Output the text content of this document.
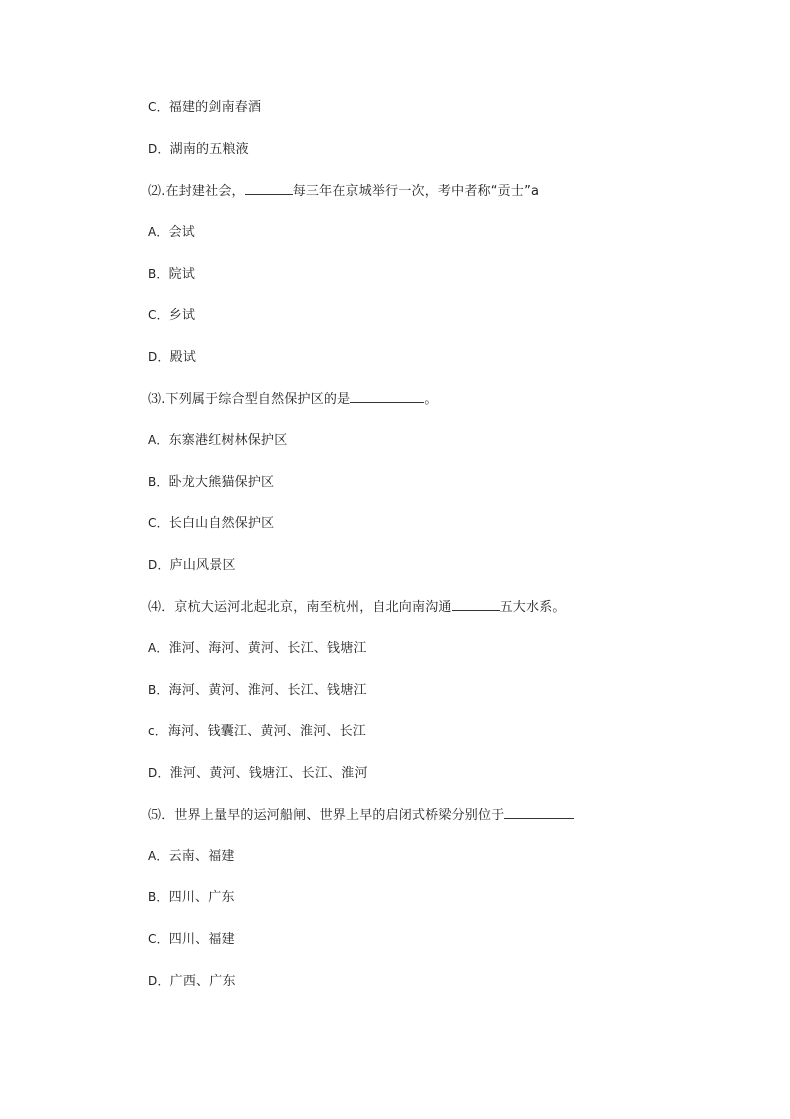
C．福建的剑南春酒
D．湖南的五粮液
⑵.在封建社会，	每三年在京城举行一次，考中者称“贡士”a
A．会试
B．院试
C．乡试
D．殿试
⑶.下列属于综合型自然保护区的是	。
A．东寨港红树林保护区
B．卧龙大熊猫保护区
C．长白山自然保护区
D．庐山风景区
⑷．京杭大运河北起北京，南至杭州，自北向南沟通	五大水系。
A．淮河、海河、黄河、长江、钱塘江
B．海河、黄河、淮河、长江、钱塘江
c．海河、钱囊江、黄河、淮河、长江
D．淮河、黄河、钱塘江、长江、淮河
⑸．世界上量早的运河船闸、世界上早的启闭式桥梁分别位于
A．云南、福建
B．四川、广东
C．四川、福建
D．广西、广东
